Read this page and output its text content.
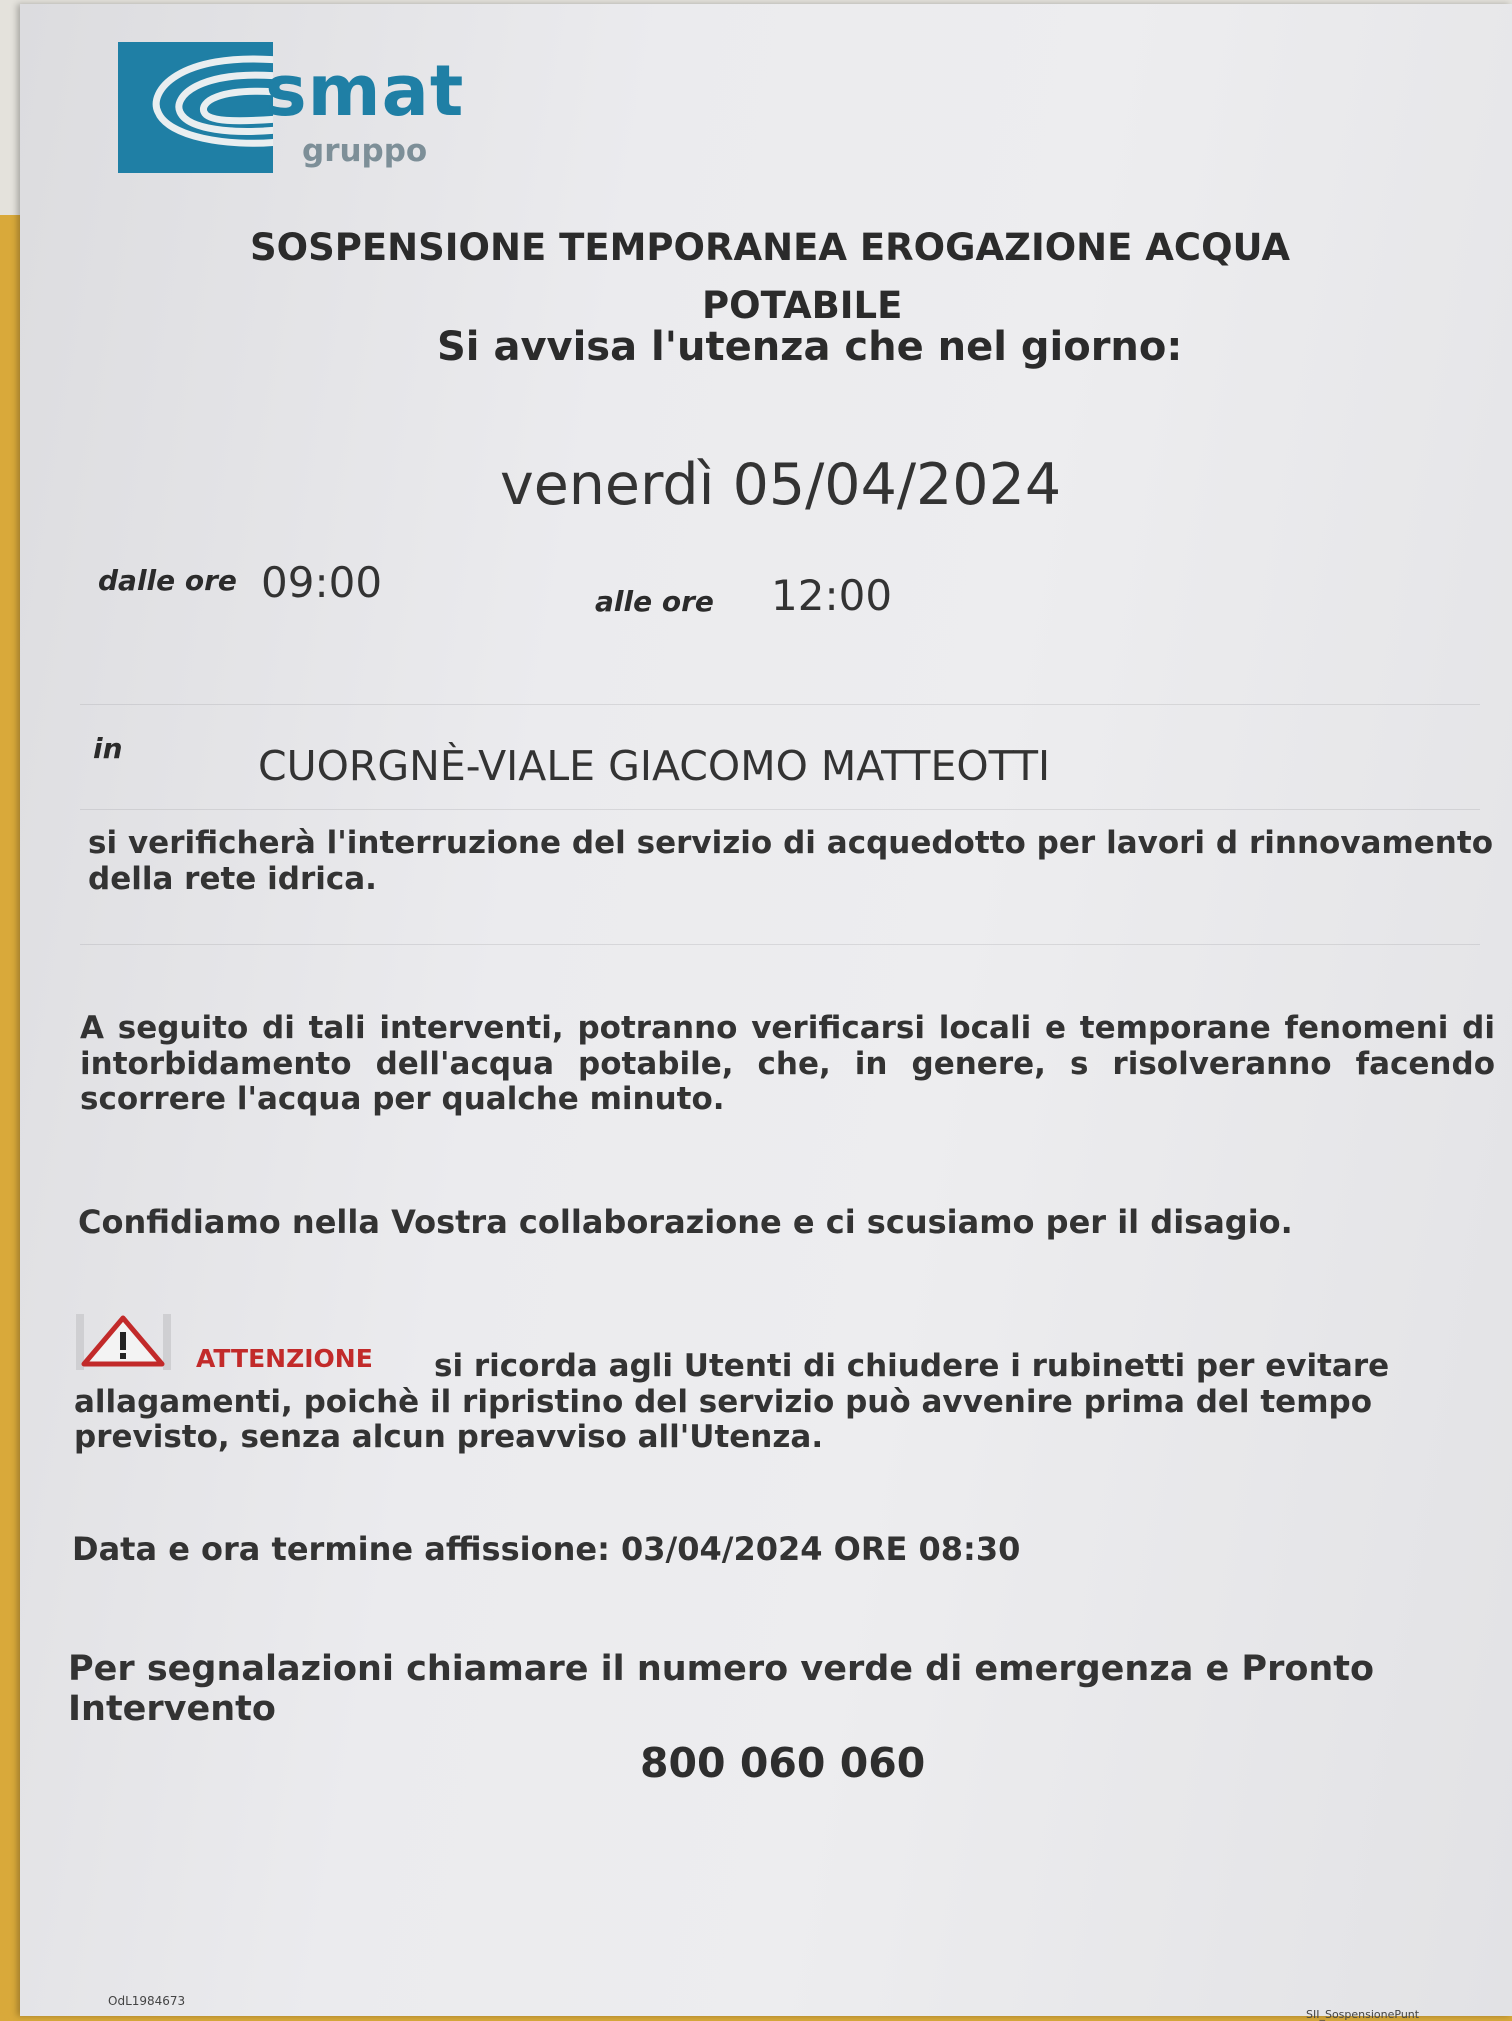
smat
gruppo
SOSPENSIONE TEMPORANEA EROGAZIONE ACQUA
POTABILE
Si avvisa l'utenza che nel giorno:
venerdì 05/04/2024
dalle ore 09:00	alle ore 12:00
in	CUORGNÈ-VIALE GIACOMO MATTEOTTI
si verificherà l'interruzione del servizio di acquedotto per lavori d rinnovamento della rete idrica.
A seguito di tali interventi, potranno verificarsi locali e temporane fenomeni di intorbidamento dell'acqua potabile, che, in genere, s risolveranno facendo scorrere l'acqua per qualche minuto.
Confidiamo nella Vostra collaborazione e ci scusiamo per il disagio.
ATTENZIONE	si ricorda agli Utenti di chiudere i rubinetti per evitare allagamenti, poichè il ripristino del servizio può avvenire prima del tempo previsto, senza alcun preavviso all'Utenza.
Data e ora termine affissione: 03/04/2024 ORE 08:30
Per segnalazioni chiamare il numero verde di emergenza e Pronto Intervento
800 060 060
OdL1984673
SII_SospensionePunt
